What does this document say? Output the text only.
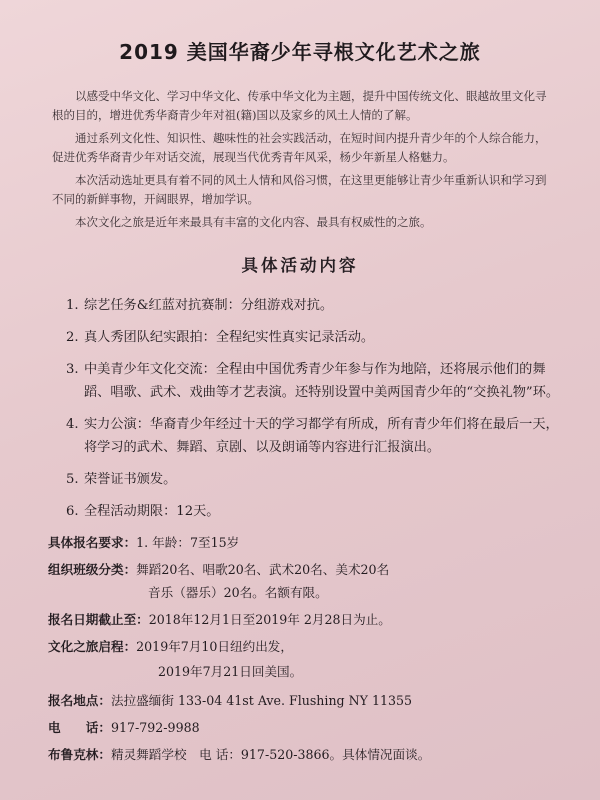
2019 美国华裔少年寻根文化艺术之旅

以感受中华文化、学习中华文化、传承中华文化为主题，提升中国传统文化、眼越故里文化寻根的目的，增进优秀华裔青少年对祖(籍)国以及家乡的风土人情的了解。

通过系列文化性、知识性、趣味性的社会实践活动，在短时间内提升青少年的个人综合能力，促进优秀华裔青少年对话交流，展现当代优秀青年风采，杨少年新星人格魅力。

本次活动选址更具有着不同的风土人情和风俗习惯，在这里更能够让青少年重新认识和学习到不同的新鲜事物，开阔眼界，增加学识。

本次文化之旅是近年来最具有丰富的文化内容、最具有权威性的之旅。

具体活动内容
1. 综艺任务&红蓝对抗赛制：分组游戏对抗。
2. 真人秀团队纪实跟拍：全程纪实性真实记录活动。
3. 中美青少年文化交流：全程由中国优秀青少年参与作为地陪，还将展示他们的舞蹈、唱歌、武术、戏曲等才艺表演。还特别设置中美两国青少年的“交换礼物”环。
4. 实力公演：华裔青少年经过十天的学习都学有所成，所有青少年们将在最后一天，将学习的武术、舞蹈、京剧、以及朗诵等内容进行汇报演出。
5. 荣誉证书颁发。
6. 全程活动期限：12天。
具体报名要求： 1. 年龄：7至15岁
组织班级分类： 舞蹈20名、唱歌20名、武术20名、美术20名
音乐（器乐）20名。名额有限。
报名日期截止至： 2018年12月1日至2019年 2月28日为止。
文化之旅启程： 2019年7月10日纽约出发，
2019年7月21日回美国。
报名地点： 法拉盛缅街 133-04 41st Ave. Flushing NY 11355
电　　话： 917-792-9988
布鲁克林： 精灵舞蹈学校　电 话：917-520-3866。具体情况面谈。
